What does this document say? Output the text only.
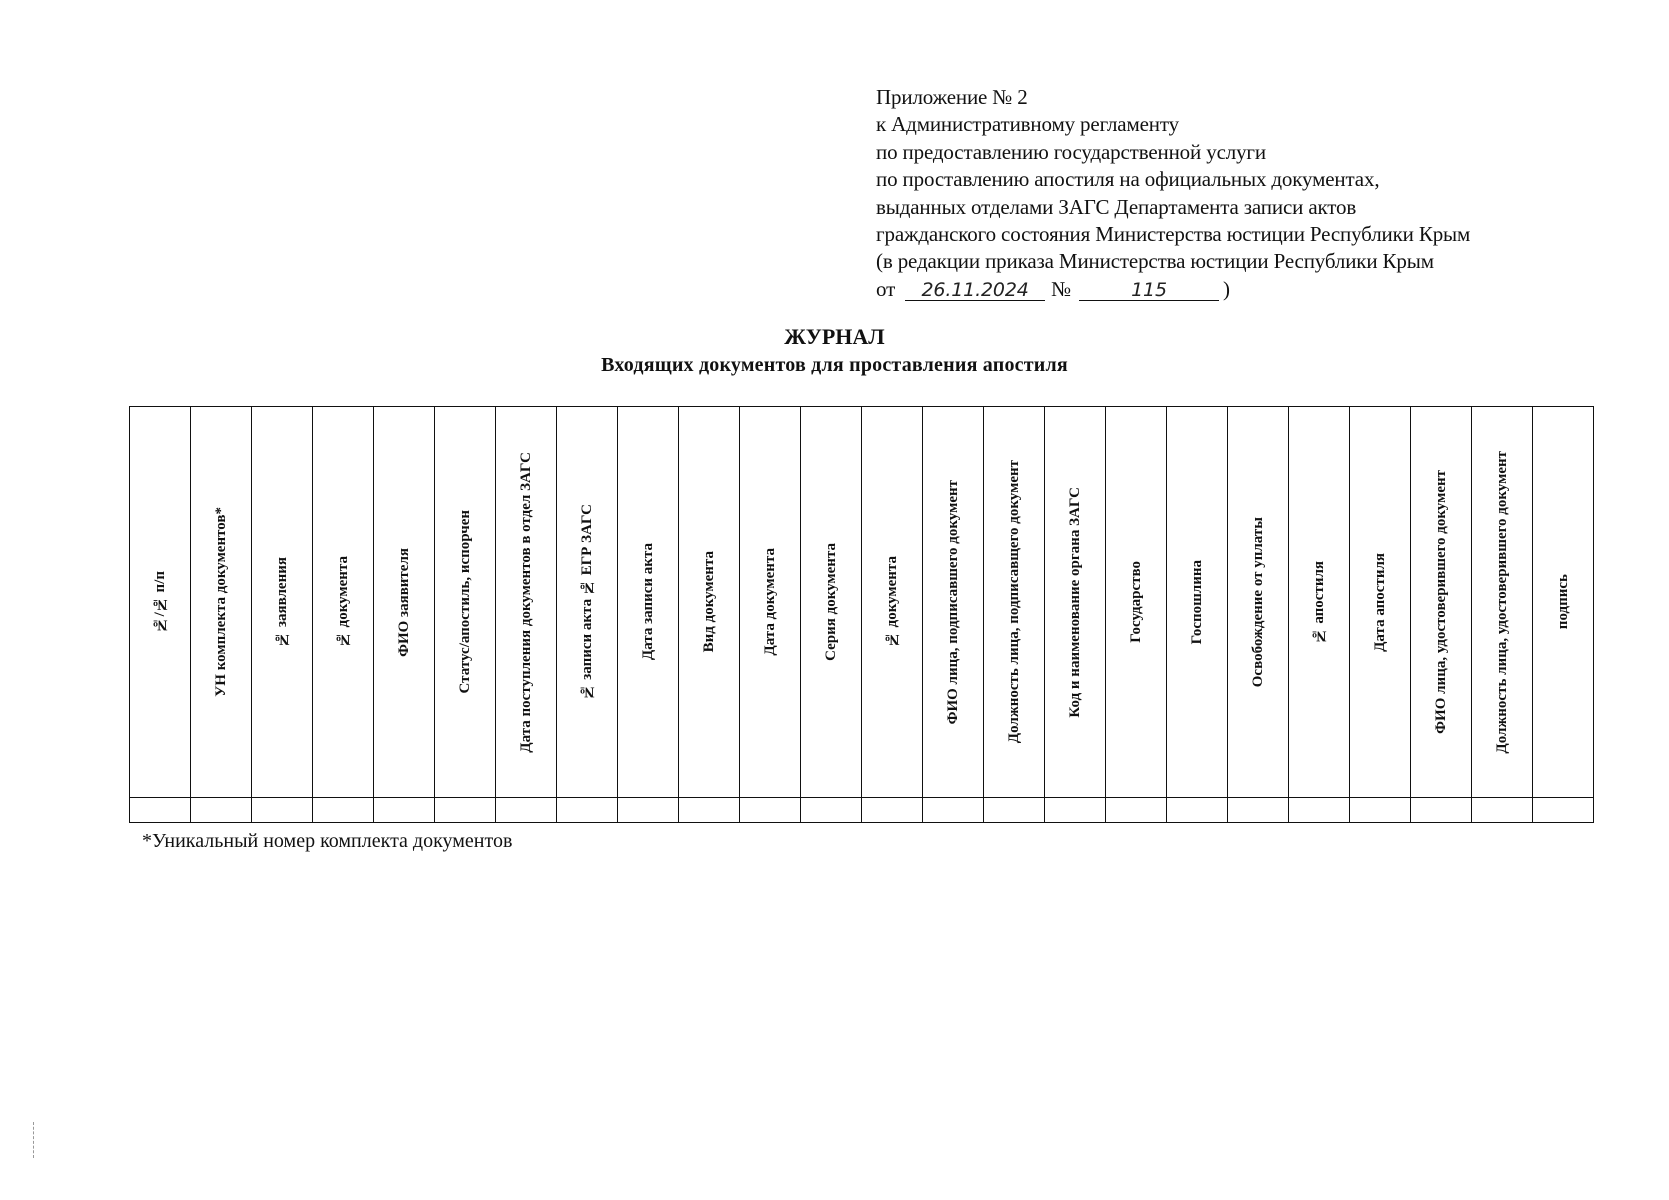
Приложение № 2
к Административному регламенту
по предоставлению государственной услуги
по проставлению апостиля на официальных документах,
выданных отделами ЗАГС Департамента записи актов
гражданского состояния Министерства юстиции Республики Крым
(в редакции приказа Министерства юстиции Республики Крым
от	26.11.2024	№	115	)
ЖУРНАЛ
Входящих документов для проставления апостиля
№/№ п/п	УН комплекта документов*	№ заявления	№ документа	ФИО заявителя	Статус/апостиль, испорчен	Дата поступления документов в отдел ЗАГС	№ записи акта № ЕГР ЗАГС	Дата записи акта	Вид документа	Дата документа	Серия документа	№ документа	ФИО лица, подписавшего документ	Должность лица, подписавщего документ	Код и наименование органа ЗАГС	Государство	Госпошлина	Освобождение от уплаты	№ апостиля	Дата апостиля	ФИО лица, удостоверившего документ	Должность лица, удостоверившего документ	подпись

*Уникальный номер комплекта документов
